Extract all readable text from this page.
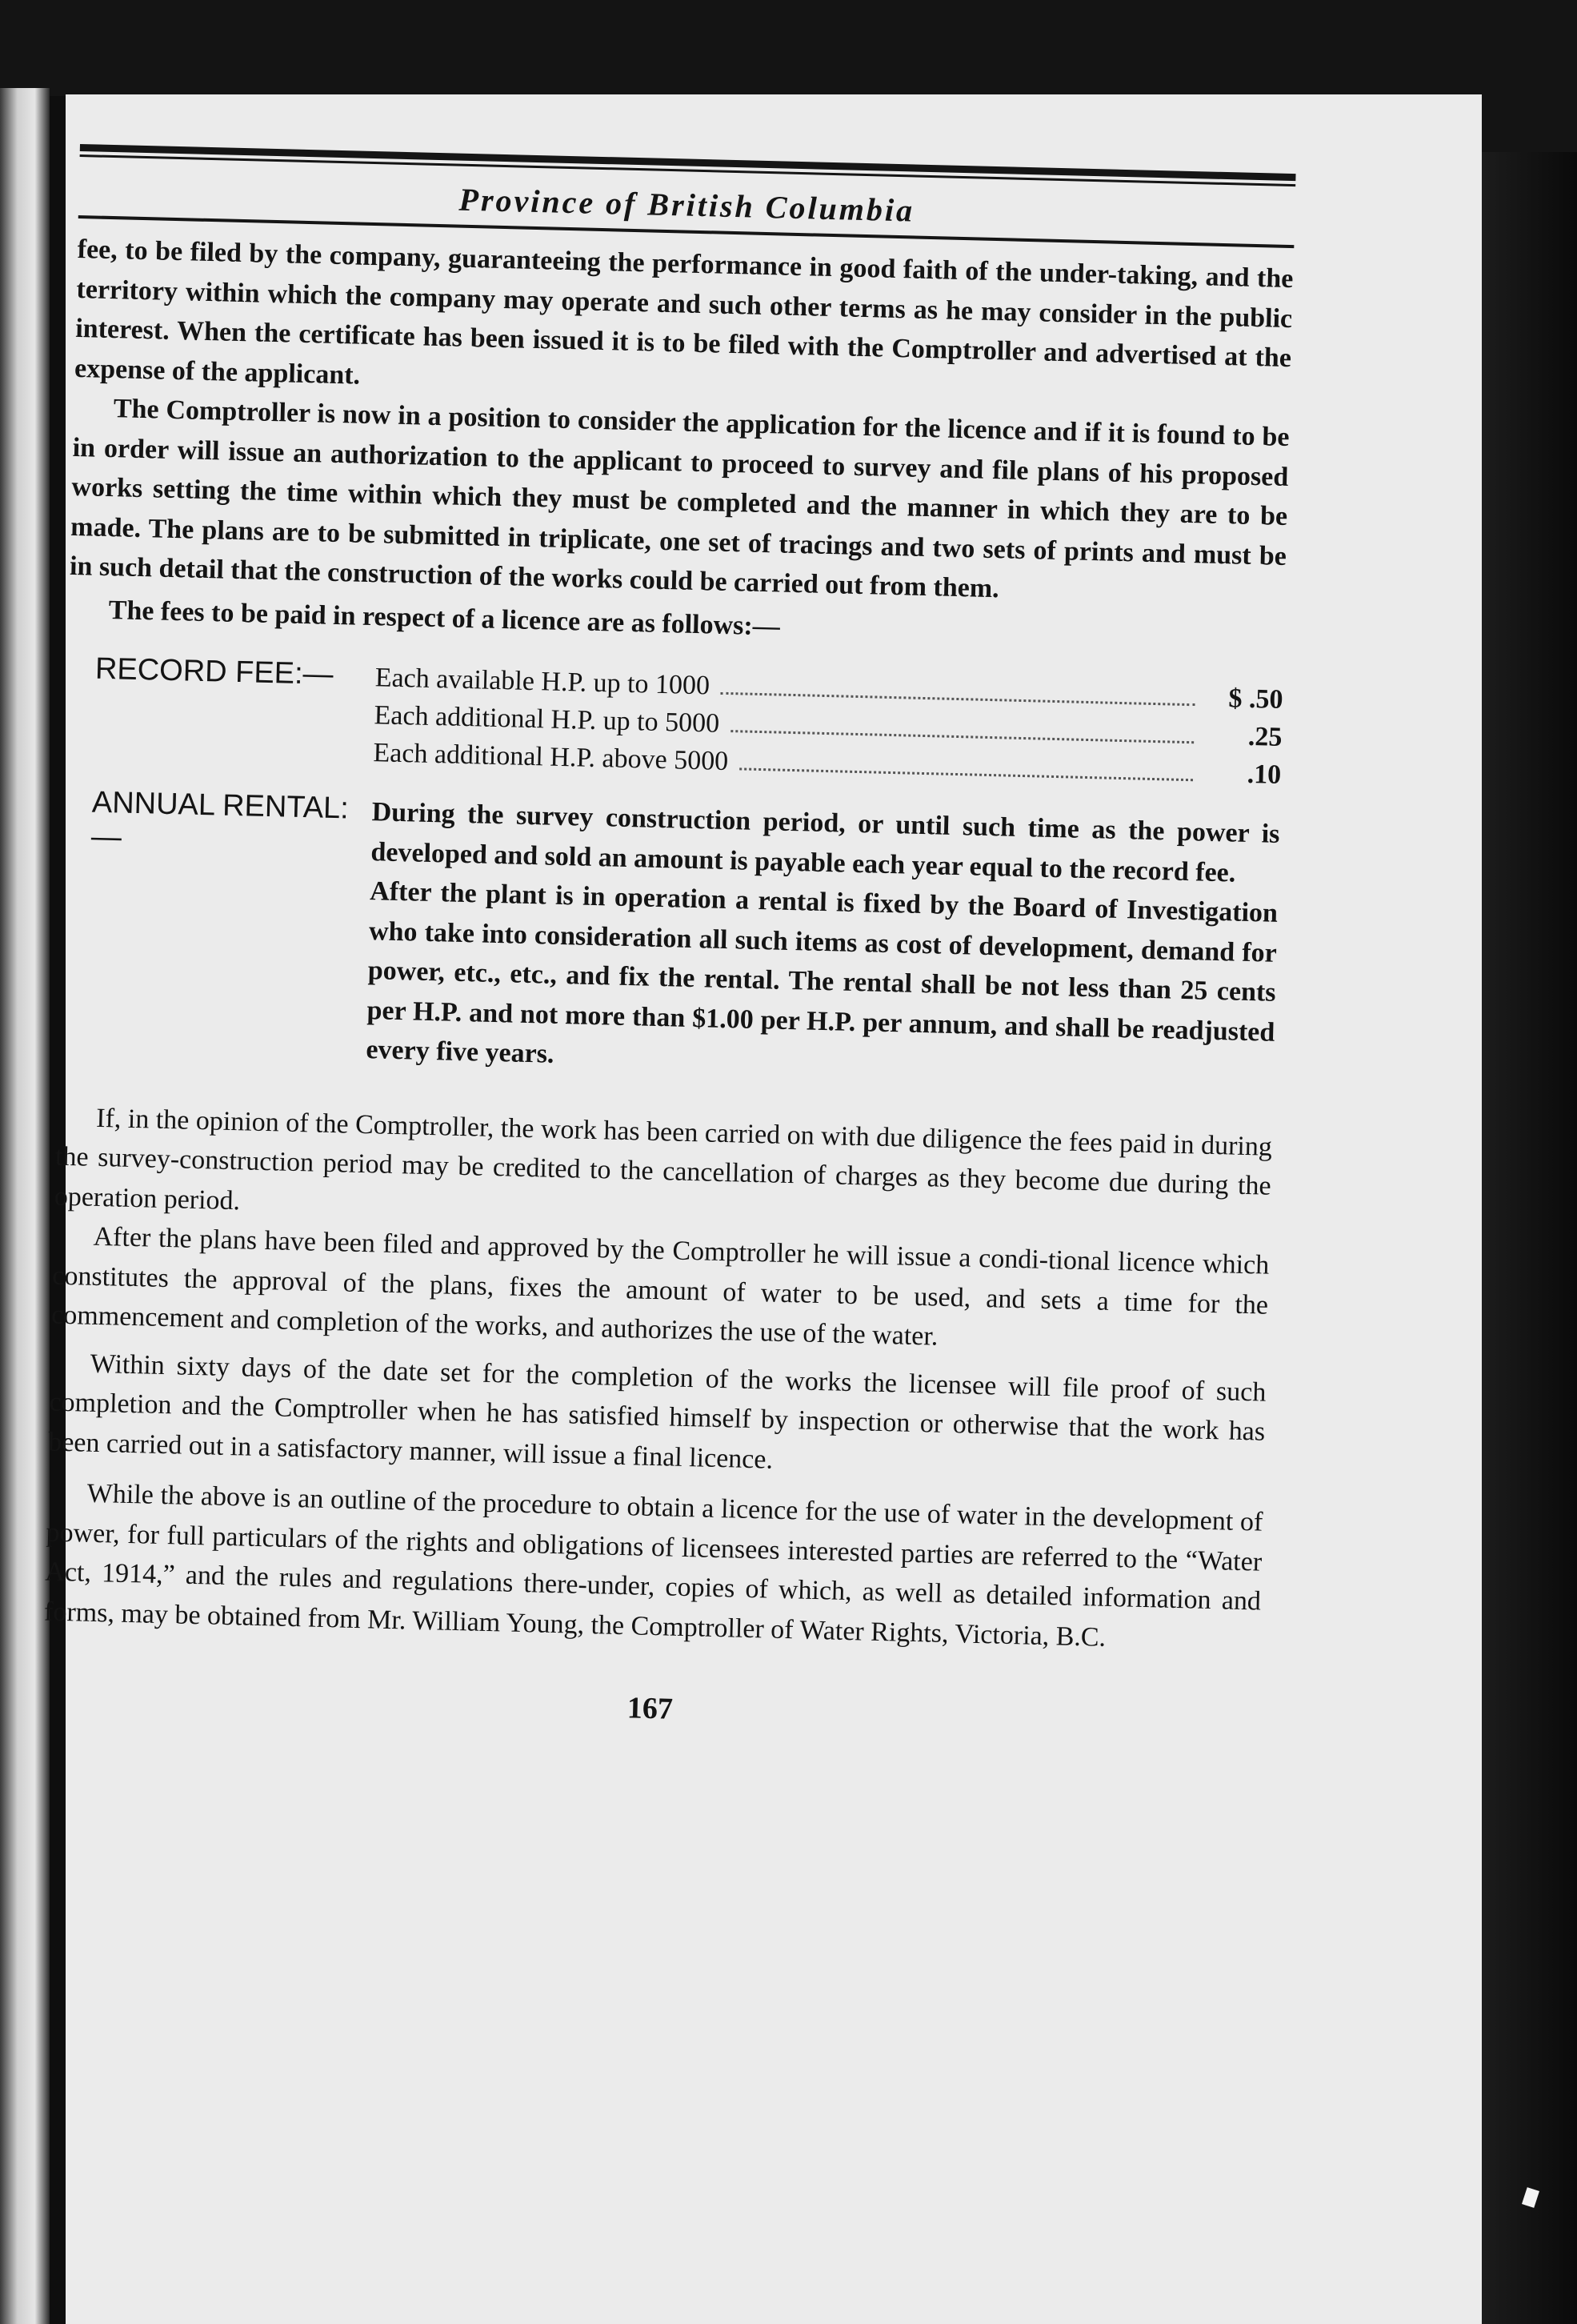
Province of British Columbia

fee, to be filed by the company, guaranteeing the performance in good faith of the under-taking, and the territory within which the company may operate and such other terms as he may consider in the public interest. When the certificate has been issued it is to be filed with the Comptroller and advertised at the expense of the applicant.

The Comptroller is now in a position to consider the application for the licence and if it is found to be in order will issue an authorization to the applicant to proceed to survey and file plans of his proposed works setting the time within which they must be completed and the manner in which they are to be made. The plans are to be submitted in triplicate, one set of tracings and two sets of prints and must be in such detail that the construction of the works could be carried out from them.

The fees to be paid in respect of a licence are as follows:—

RECORD FEE:—	Each available H.P. up to 1000	$ .50
Each additional H.P. up to 5000	.25
Each additional H.P. above 5000	.10
ANNUAL RENTAL:—	During the survey construction period, or until such time as the power is developed and sold an amount is payable each year equal to the record fee.

After the plant is in operation a rental is fixed by the Board of Investigation who take into consideration all such items as cost of development, demand for power, etc., etc., and fix the rental. The rental shall be not less than 25 cents per H.P. and not more than $1.00 per H.P. per annum, and shall be readjusted every five years.

If, in the opinion of the Comptroller, the work has been carried on with due diligence the fees paid in during the survey-construction period may be credited to the cancellation of charges as they become due during the operation period.

After the plans have been filed and approved by the Comptroller he will issue a condi-tional licence which constitutes the approval of the plans, fixes the amount of water to be used, and sets a time for the commencement and completion of the works, and authorizes the use of the water.

Within sixty days of the date set for the completion of the works the licensee will file proof of such completion and the Comptroller when he has satisfied himself by inspection or otherwise that the work has been carried out in a satisfactory manner, will issue a final licence.

While the above is an outline of the procedure to obtain a licence for the use of water in the development of power, for full particulars of the rights and obligations of licensees interested parties are referred to the “Water Act, 1914,” and the rules and regulations there-under, copies of which, as well as detailed information and forms, may be obtained from Mr. William Young, the Comptroller of Water Rights, Victoria, B.C.

167
